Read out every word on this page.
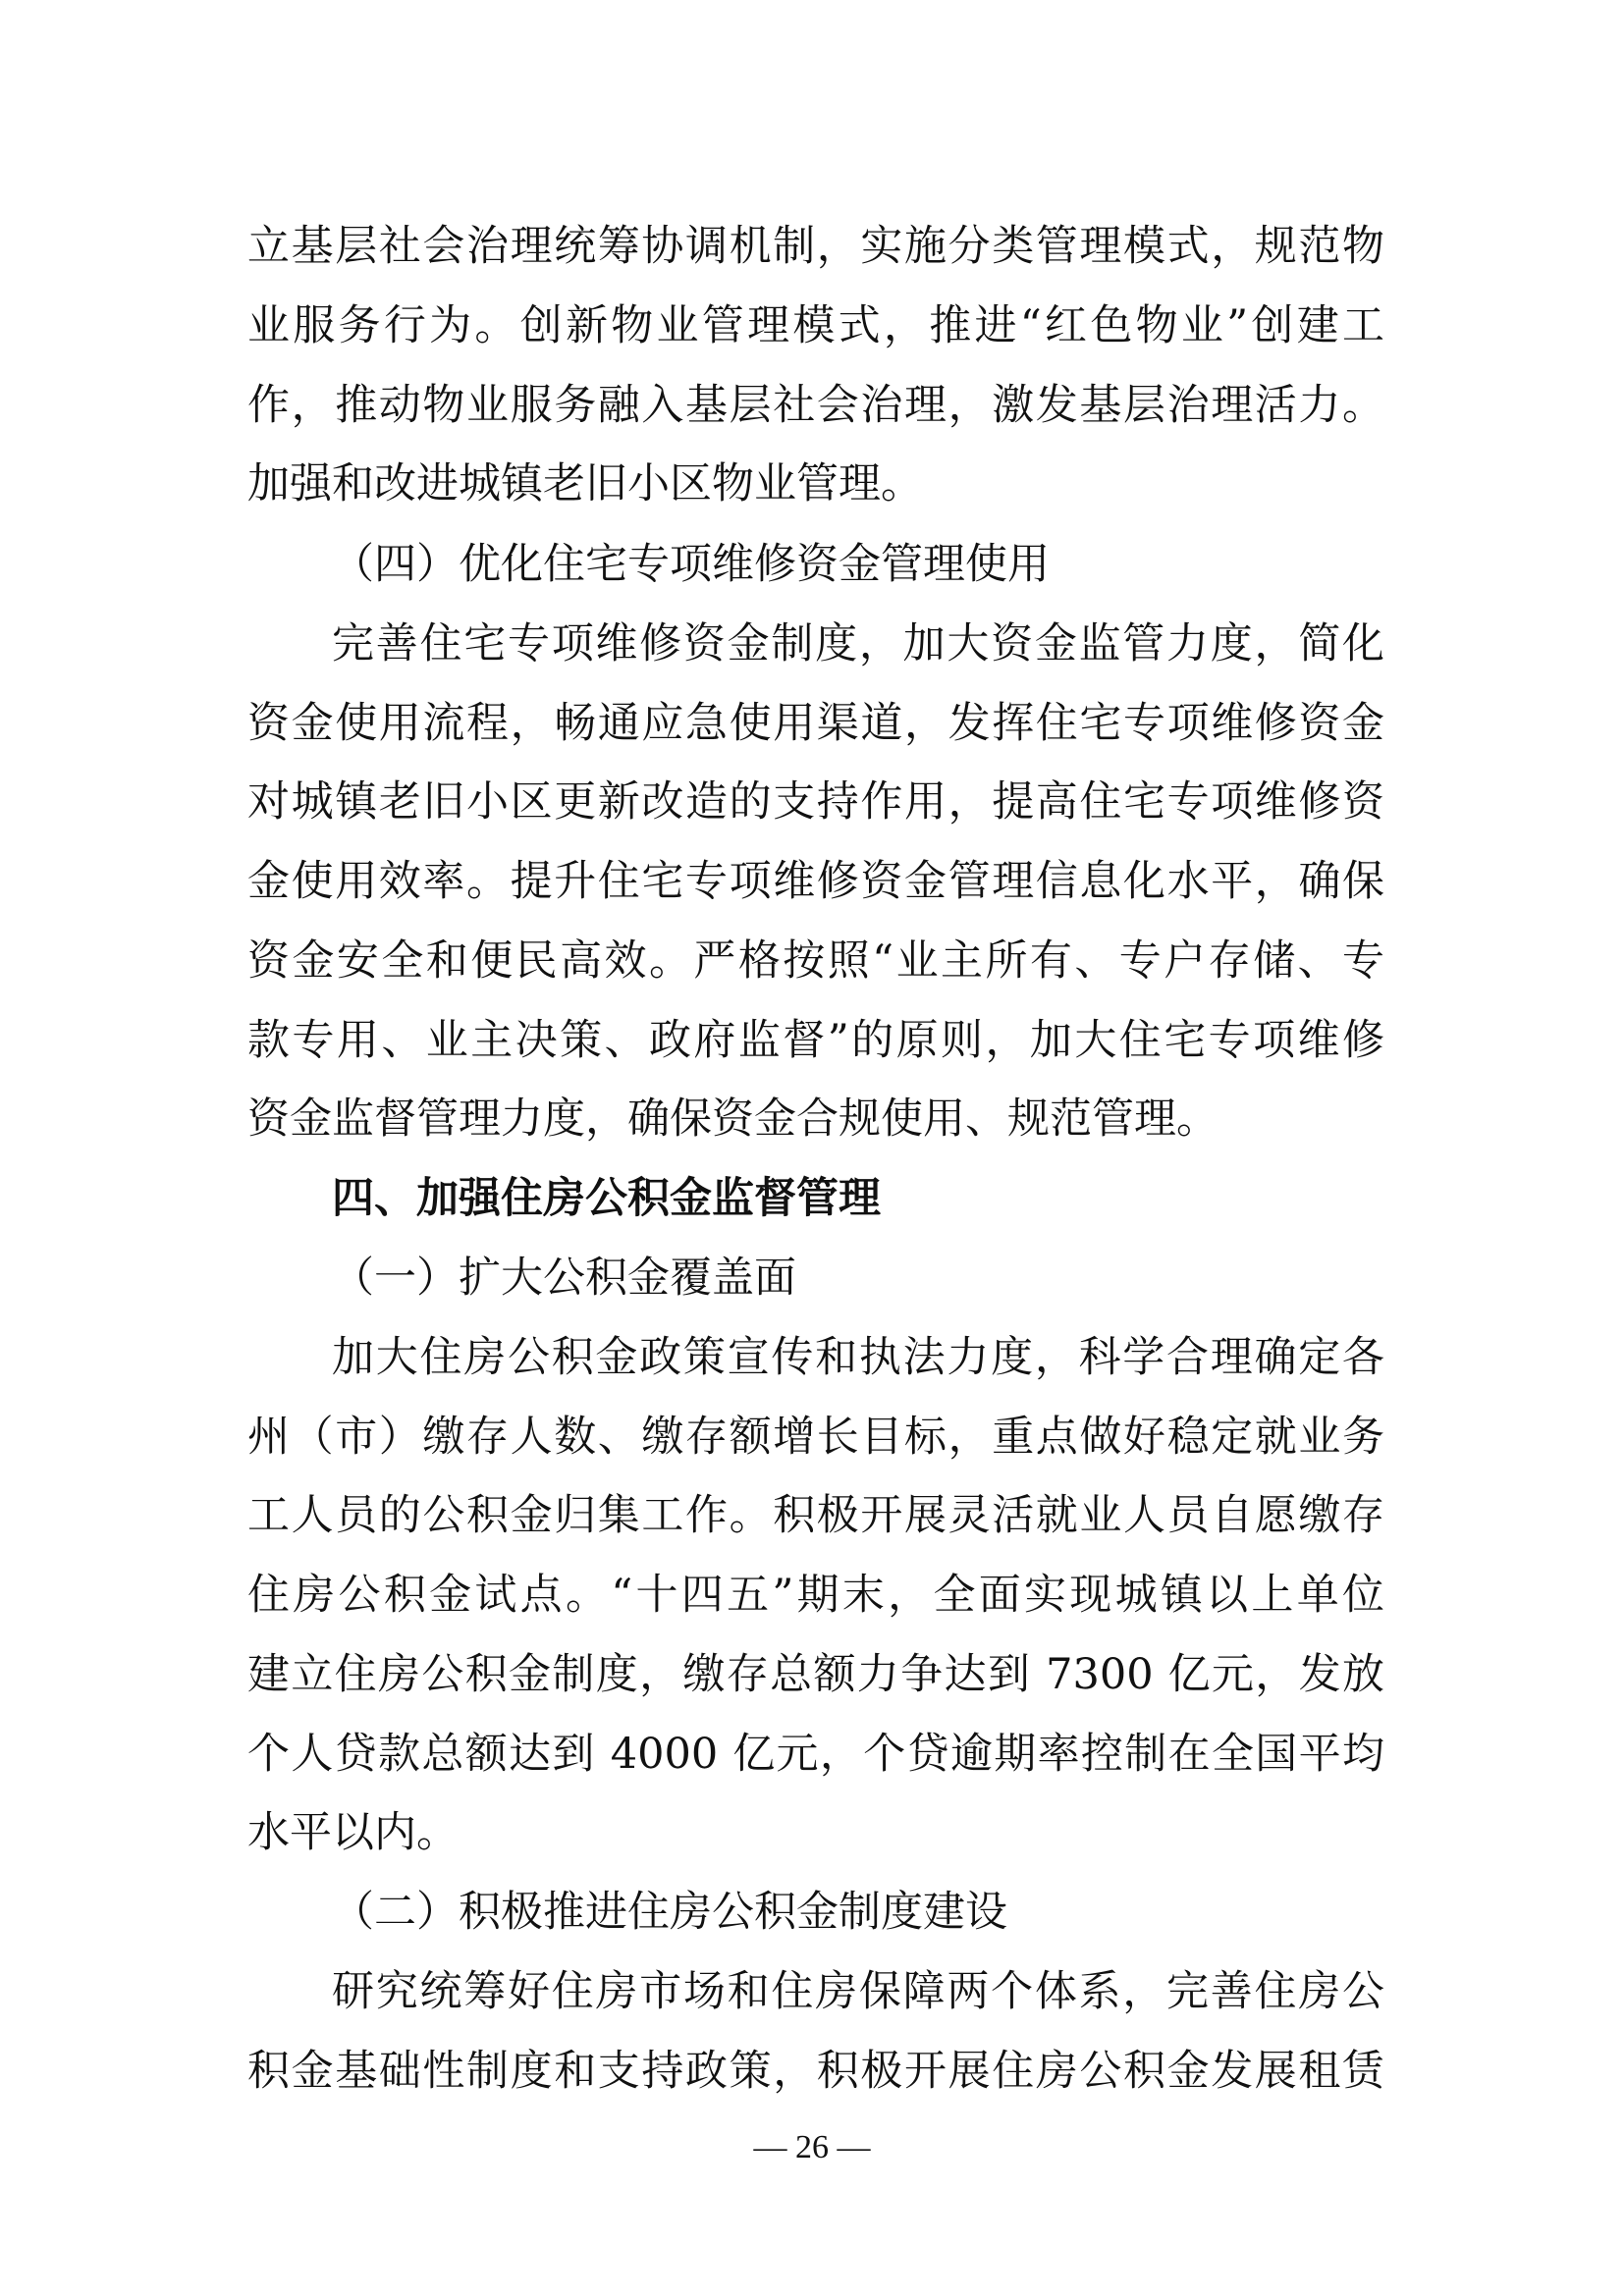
立基层社会治理统筹协调机制，实施分类管理模式，规范物
业服务行为。创新物业管理模式，推进“红色物业”创建工
作，推动物业服务融入基层社会治理，激发基层治理活力。
加强和改进城镇老旧小区物业管理。
（四）优化住宅专项维修资金管理使用
完善住宅专项维修资金制度，加大资金监管力度，简化
资金使用流程，畅通应急使用渠道，发挥住宅专项维修资金
对城镇老旧小区更新改造的支持作用，提高住宅专项维修资
金使用效率。提升住宅专项维修资金管理信息化水平，确保
资金安全和便民高效。严格按照“业主所有、专户存储、专
款专用、业主决策、政府监督”的原则，加大住宅专项维修
资金监督管理力度，确保资金合规使用、规范管理。
四、加强住房公积金监督管理
（一）扩大公积金覆盖面
加大住房公积金政策宣传和执法力度，科学合理确定各
州（市）缴存人数、缴存额增长目标，重点做好稳定就业务
工人员的公积金归集工作。积极开展灵活就业人员自愿缴存
住房公积金试点。“十四五”期末，全面实现城镇以上单位
建立住房公积金制度，缴存总额力争达到 7300 亿元，发放
个人贷款总额达到 4000 亿元，个贷逾期率控制在全国平均
水平以内。
（二）积极推进住房公积金制度建设
研究统筹好住房市场和住房保障两个体系，完善住房公
积金基础性制度和支持政策，积极开展住房公积金发展租赁
— 26 —
